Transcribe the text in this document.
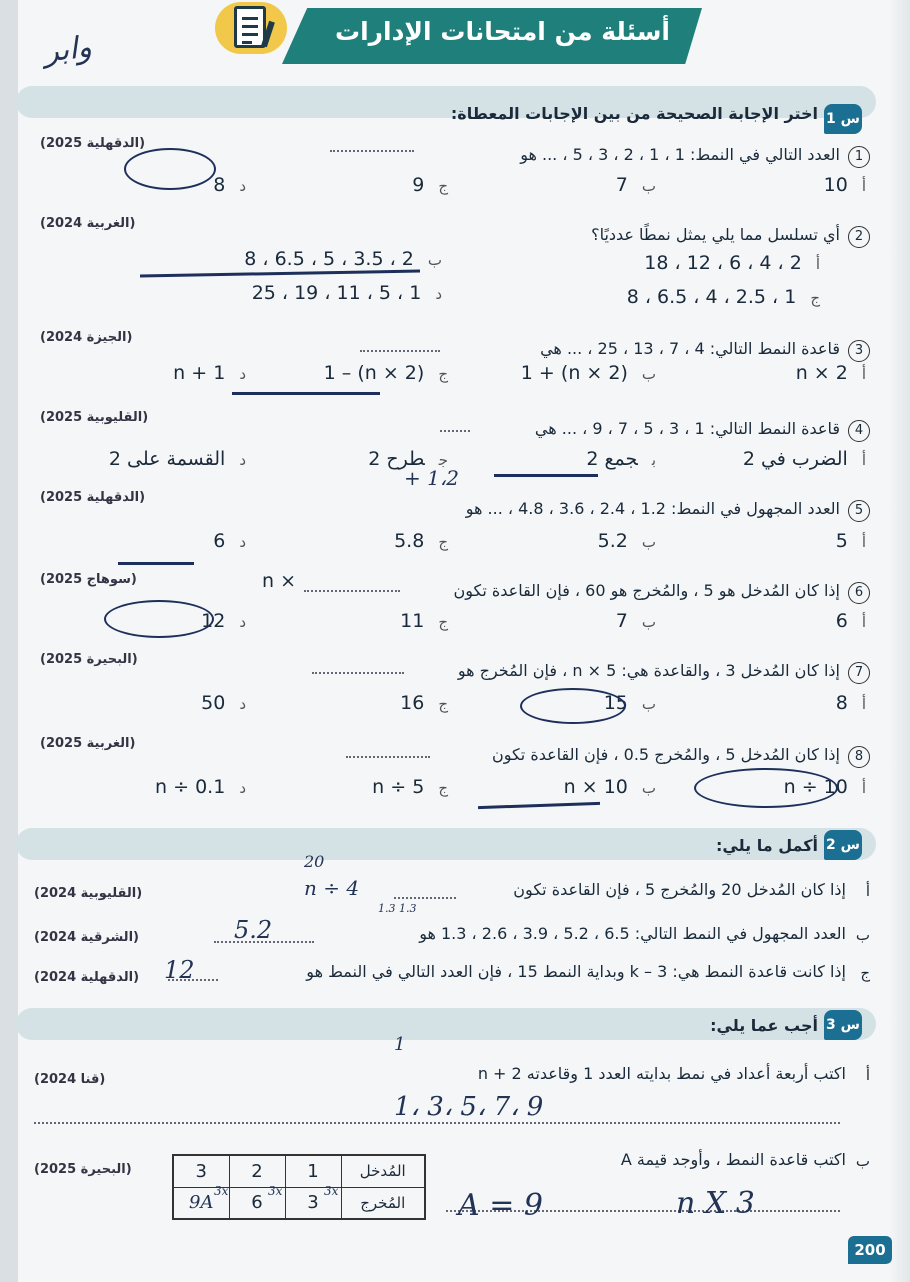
أسئلة من امتحانات الإدارات
وابر
1 س
اختر الإجابة الصحيحة من بين الإجابات المعطاة:
1
العدد التالي في النمط: 1 ، 1 ، 2 ، 3 ، 5 ، ... هو
(الدقهلية 2025)
أ10
ب7
ج9
د8
2
أي تسلسل مما يلي يمثل نمطًا عدديًا؟
(الغربية 2024)
أ2 ، 4 ، 6 ، 12 ، 18
ب2 ، 3.5 ، 5 ، 6.5 ، 8
ج1 ، 2.5 ، 4 ، 6.5 ، 8
د1 ، 5 ، 11 ، 19 ، 25
3
قاعدة النمط التالي: 4 ، 7 ، 13 ، 25 ، ... هي
(الجيزة 2024)
أn × 2
ب(n × 2) + 1
ج(n × 2) – 1
دn + 1
4
قاعدة النمط التالي: 1 ، 3 ، 5 ، 7 ، 9 ، ... هي
(القليوبية 2025)
أالضرب في 2
بجمع 2
جطرح 2
دالقسمة على 2
5
العدد المجهول في النمط: 1.2 ، 2.4 ، 3.6 ، 4.8 ، ... هو
(الدقهلية 2025)
أ5
ب5.2
ج5.8
د6
6
إذا كان المُدخل هو 5 ، والمُخرج هو 60 ، فإن القاعدة تكون
(سوهاج 2025)
أ6
ب7
ج11
د12
7
إذا كان المُدخل 3 ، والقاعدة هي: n × 5 ، فإن المُخرج هو
(البحيرة 2025)
أ8
ب15
ج16
د50
8
إذا كان المُدخل 5 ، والمُخرج 0.5 ، فإن القاعدة تكون
(الغربية 2025)
أn ÷ 10
بn × 10
جn ÷ 5
دn ÷ 0.1
+ 1،2
n ×
2 س
أكمل ما يلي:
20
أ
إذا كان المُدخل 20 والمُخرج 5 ، فإن القاعدة تكون
n ÷ 4
(القليوبية 2024)
1.3 1.3
ب
العدد المجهول في النمط التالي: 6.5 ، 5.2 ، 3.9 ، 2.6 ، 1.3 هو
5.2
(الشرقية 2024)
ج
إذا كانت قاعدة النمط هي: k – 3 وبداية النمط 15 ، فإن العدد التالي في النمط هو
12
(الدقهلية 2024)
3 س
أجب عما يلي:
1
أ
اكتب أربعة أعداد في نمط بدايته العدد 1 وقاعدته n + 2
(قنا 2024)
1، 3، 5، 7، 9
ب
اكتب قاعدة النمط ، وأوجد قيمة A
(البحيرة 2025)
A = 9	n X 3
3	2	1	المُدخل
9A	6	3	المُخرج
3x	3x	3x
200
